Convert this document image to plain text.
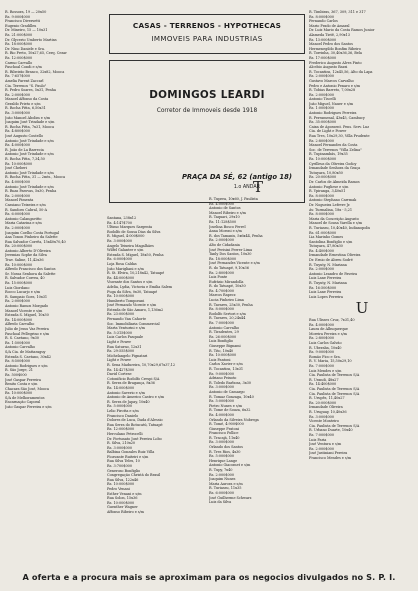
R. Rossora, 19 — 20x50
Rs. 9:000$000
Francisco Diversetti
Eugenio Gradilleu
Dr. Mineiro, 15 — 10x31
Rs. 21:000$000
Dr. Glycerio Umberto Martins
Rs. 18:000$000
Dr. Nino Daniele e Sra.
R. Rio Preto, 10x27,65, Cerq. Cezar
Rs. 12:000$000
Carmo Carvallo
Paschoal Condi e s/m
R. Ribeirão Branco, 32x82, Mooca
Rs. 7:657$000
Amelia Parent Zaccarl
Cia. Terrenos "S. Paulo"
R. Pedro Soares, 5x31, Penha
Rs. 2:000$000
Manoel Affonso da Costa
Geraldo Prieto e s/m
R. Rocha Pitta, 6,50x31
Rs. 3:000$000
João Manoel Abolim e s/m
Joaquim José Trindade e s/m
R. Rocha Pitta, 7x31, Mooca
Rs. 4:800$000
José Augusto Coutello
Antonio José Trindade e s/m
Rs. 4:000$000
R. João de La Barrecia
Antonio José Trindade e s/m
R. Rocha Pitta, 7,34,50
Rs. 10:000$000
José Cheberi
Antonio José Trindade e s/m
R. Rocha Pitta, 31 — 2mts., Mooca
Rs. 4:000$000
Antonio José Trindade e s/m
R. Ruas Parovas, 5x30, Penha
Rs. 2:000$000
Manoel Pimenta
Cassiano Teixeira e s/m
R. Sandoro Cabral, 50-A
Rs. 6:000$000
Antonio Calangavitto
Maria Catarina e s/m
Rs. 2:000$000
Joaquim Coelho Costa Portugal
Ana Tonon Pinheiro da Salette
Rua Salvador Corrêa, 15x40x70,40
Rs. 20:000$000
Antonio Alberto D'Oliveira
Jeremias Sophe da Silva
Trav. Saline, 11,42x36
Rs. 10:000$000
Alfredo Francisco dos Santos
Sr. Nossa Senhora da Salette
R. Salvador Correa, 40
Rs. 15:000$000
Luiz Giordano
Rocco Lucarjo e s/m
R. Sampaio Goes, 10x31
Rs. 2:000$000
Antonio Ramos Morgado
Manoel Vicente e s/m
Estrada S. Miguel, 10x30
Rs. 14:000$000
Alfredo Carvalho
Julio de Jesus Vaz Pereira
Paschoal Pellegrino e s/m
R. S. Caetano, 9x30
Rs. 1:500$000
Antonio Carvalho
S/A Cia. de Mattaraguy
Estrada S. Caetano, 30x42
Rs. 8:500$000
Antonio Rodrigues e s/m
R. São Jorge, 21
Rs. 500$000
José Gaspar Ferreira
Benito Costa e s/m
Chacara São José, Mooca
Rs. 10:000$000
S/A de Melhoramentos
Encarnação Caporal
João Gaspar Ferreira e s/m
CASAS - TERRENOS - HYPOTHECAS
IMMOVEIS PARA INDUSTRIAS
DOMINGOS LEARDI
Corretor de Immoveis desde 1918
PRAÇA DA SÉ, 62 (antigo 18)
1.o ANDAR
Santana, 238x12
Rs. 4:147$700
Ultimo Marques Sargenta
Rodolfo de Sousa Dias da Silva
R. Miguel, 4:000$000
Rs. 3:000$000
Angelo Teixeira Magalhães
Wilfel Galanter e s/m
Estrada S. Miguel, 18x50, Penha
Rs. 6:000$000
Loja Rosa Caldas
João Marigliani e s/m
R. St. Elvira, 10,218x42, Tatuapé
Rs. 44:000$000
Viuvante dos Santos e s/m
Adelia, Lydia, Victoria e Emilia Salem
Fuga da Silva, 0x30, Tatuapé
Rs. 10:000$000
Humberto Tomporani
José Fernando Vicente e s/m
Estrada de São Amaro, 1,136m2
Rs. 23:000$000
Fernando Van Cahorte
Soc. Immobiliaria Commercial
Marta Venturini e s/m
Rs. 5:315$000
Luiz Carlos Pasquale
Light e Power
Rua Saturno, 12x31
Rs. 29:555$000
Michelangelo Pignatari
Light e Power
R. Sena Madureira, 10,70x29,67x37,12
Rs. 14:427$300
David Cortese
Cotonificio Rodolfo Crespi S/A
R. Serra de Bragança, 8x36
Rs. 14:000$000
Antonio Saverio e s/m
Antonio de Americo Castro e s/m
R. Serra de Japay, 10x40
Rs. 5:000$000
Lelio Pirotta e s/m
Francisco Danielo
Dolores de Luca, Dada d'Alessio
Rua Serra do Botucatú, Tatuapé
Rs. 12:000$000
Herculano Petrocelli
Dr. Fortunato José Pereira Lobo
R. Silva, 210x20
Rs. 3:000$000
Balbina Gonzales Ruiz Villa
Ficavante Ruiteiri e s/m
Rua Silva Teles, 10
Rs. 3:700$000
Generoso Bonfiglio
Congregação Christã do Brasil
Rua Silva, 122x46
Rs. 10:000$000
Pedro Venani
Esther Venani e s/m
Rua Solon, 15x36
Rs. 10:000$000
Guenther Wagner
Affonso Ribeiro e s/m
T
R. Tupera, 10x60, J. Paulista
Rs. 4:000$000
Antonio de Santos
Manoel Ribeiro e s/m
R. Taquari, 29x10
Rs. 11:128$500
Joselina Bosco Ferrel
Anna Moroni e s/m
R. dos Tamanis, 5x6x44, Penha
Rs. 2:000$000
Alto de Cidadania
José Perisini Ferrer Lima
Tanly Dos Santos, 10x30
Rs. 18:000$000
José Fernandes Vicente e s/m
R. do Tatuapé, 9,10x36
Rs. 2:800$000
Luiz Ponte
Eufrásio Mirandolla
R. do Tatuapé, 10x30
Rs. 4:700$000
Marcos Rapecz
Lucia Pinheiro Lima
R. Tavares, 25x30, Penha
Rs. 8:000$000
Rodolfo Sertori e s/m
R. Tavares, 20,24x44
Rs. 7:000$000
Antonio Carvalho
R. Tiradentes, 29
Rs. 26:000$000
Luiz Bonfiglio
Giuseppe Bignami
R. Tito, 10x40
Rs. 10:000$000
Luiz Fantoni
Carlos Xavier e s/m
R. Tocantins, 13x31
Rs. 9:000$000
Adriano Peixoto
R. Toledo Barbosa, 3x30
Rs. 3:000$000
Antonio de Camargo
R. Tomaz Gonzaga, 10x40
Rs. 5:000$000
Pietro Nunes e s/m
R. Tome de Souza, 6x32
Rs. 4:000$000
Orlando da Silveira Nobrega
R. Tomé, 4:900$000
Giuseppe Fratoni
Francisco Pollice
R. Tracajá, 11x40
Rs. 3:000$000
Orlando dos Santos
R. Tres Rios, 4x30
Rs. 5:000$000
Henrique Lange
Antonio Giacomet e s/m
R. Tupy, 7x40
Rs. 2:000$000
Joaquim Nunes
Maria Aurora e s/m
R. Turiassu, 11x35
Rs. 6:000$000
José Guilherme Schwarz
Luiz da Silva
R. Timbiras, 367, 309, 311 e 317
Rs. 8:000$000
Fernando Carlos
Mario Prado de Amaral
Dr. Luiz Mario da Costa Ramos Junior
Alameda Tietê, 2,90x13
Rs. 13:000$000
Manoel Pedro dos Santos
Hermenegildo Bonfim Ribeiro
R. Torrinha, 30,40x36,36, Bela
Rs. 17:000$000
Frederico Augusto Alves Pinto
Alcebio Augusto Bazzi
R. Tocantins, 12x45,56, Alto da Lapa
Rs. 2:000$000
Gustavo Marcos Carvalho
Pedro e Antonio Penaro e s/m
R. Tobias Barreto, 7,00x28
Rs. 2:000$000
Antonio Tiscelli
João Miguel, Nauer e s/m
Rs. 1:000$000
Antonio Rodrigues Ferreira
R. Ferramenal, 43x45, Cambucy
Rs. 35:000$000
Caixa de Apossent. Pens. Serv. Luz
Cia. de Light e Power
Rua Tres, 10x29,30, Villa Prudente
Rs. 2:800$000
Manoel Fernandes da Costa
Soc. de Terrenos "Villa Zelina"
R. Tupinambás, 19x35
Rs. 10:000$000
Cyrilleus da Oliveira Godoy
Irmandade Senhora da Graça
Tutuyara, 10,80x50
Rs. 20:000$000
Dr. Carlos de Almeida Ramos
Antonio Pugliese e s/m
R. Ypiranga, 3,40x51
Rs. 8:000$000
Antonio Stephano Carrmak
Dr. Nogueira Lefevre Jr.
Av. Turmalina, 18x - 5,21
Rs. 8:000$000
Maria da Conceição Augusto
Manoel de Sousa Varella e s/m
R. Turiassu, 10,40x40, Indianopolis
Rs. 61:000$000
Lia Marinho Gomes
Santolina Bonfiglio e s/m
Tutuyara, 47,80x30
Rs. 4:400$000
Irmandade Ernestina Oliveira
Dr. Ernio de Abreu Sodré
R. Tuyuty, N. Mariana
Rs. 2:000$000
Antonio Leandro de Faveira
Luiz Lane Ferreira
R. Tuyuty, N. Mariana
Rs. 16:500$000
Luiz Lane Ferreira
Luiz Lopes Ferreira
U
Rua Ulisses Cruz, 7x31,40
Rs. 4:000$000
Laura de Albuquerque
Moreira Pereira e s/m
Rs. 2:800$000
Luiz Carlos Galvão
R. Uberaba, 10x40
Rs. 9:000$000
Romão Fico e Sra.
R. V. Maria, 15,50x29,10
Rs. 7:000$000
Luiz Mendes e s/m
Cia. Paulista de Terrenos S/A
R. Urandi, 48x27
Rs. 14:400$000
Cia. Paulista de Terrenos S/A
Cia. Paulista de Terrenos S/A
R. Urupês, 11,40x27
Rs. 20:000$000
Irmandade Oliveira
R. Uruguay, 10,40x36
Rs. 3:000$000
Vicente Monteiro
Cia. Paulista de Terrenos S/A
R. Urbano Duarte, 10x40
Rs. 7:000$000
Luiz Faria
José Ventura e s/m
Rs. 2:000$000
José Justiniani Pereira
Francisco Mendes e s/m
A oferta e a procura mais se aproximam para os negocios divulgados no S. P. I.
